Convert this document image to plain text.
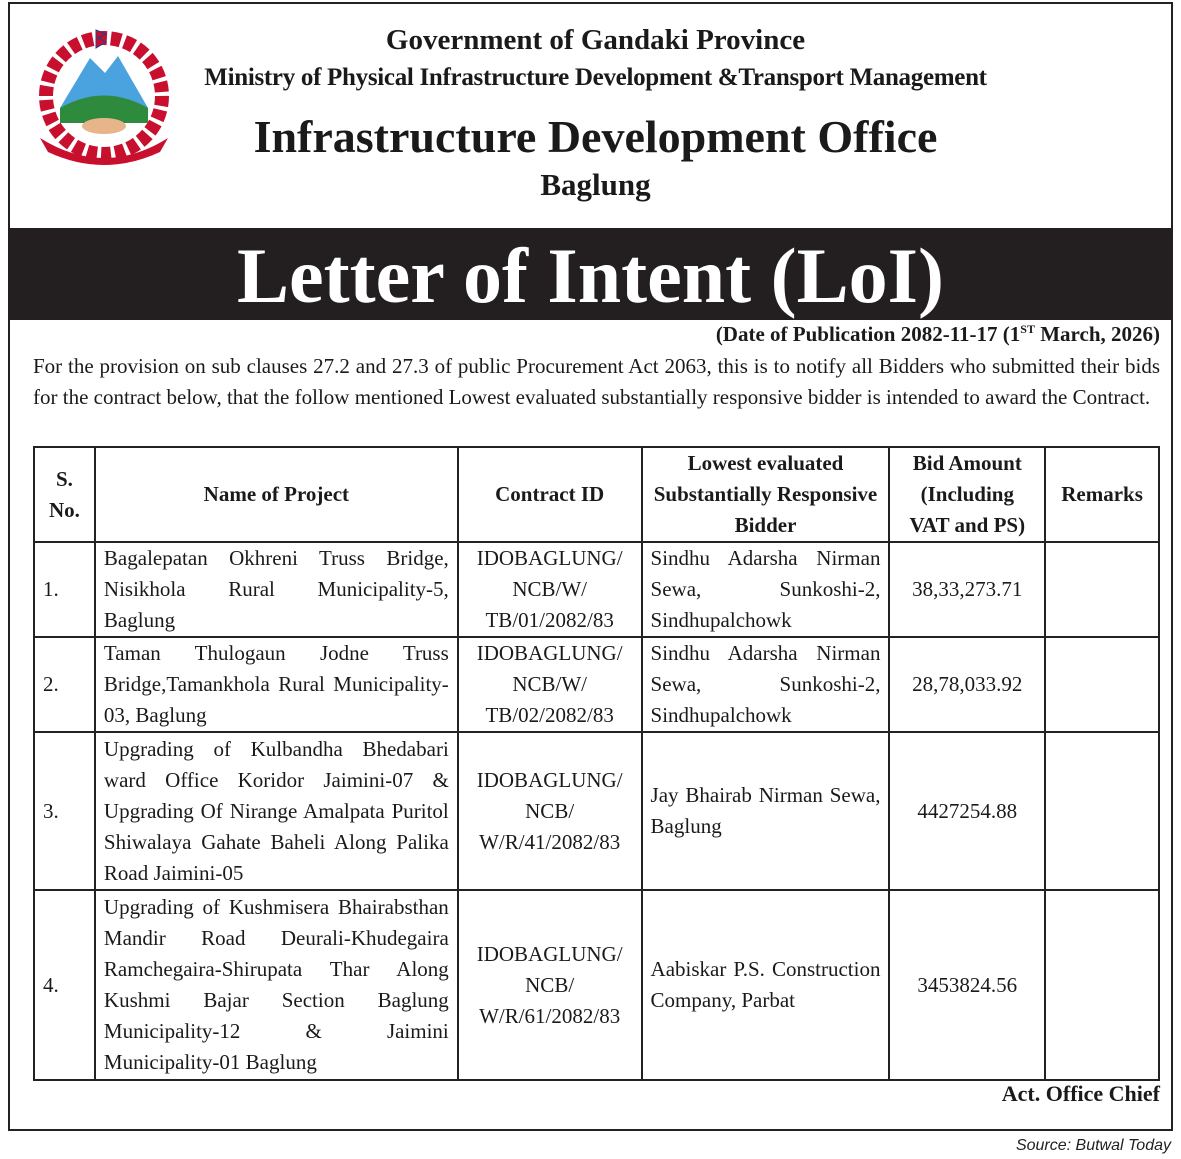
Government of Gandaki Province
Ministry of Physical Infrastructure Development &Transport Management
Infrastructure Development Office
Baglung
Letter of Intent (LoI)
(Date of Publication 2082-11-17 (1ST March, 2026)
For the provision on sub clauses 27.2 and 27.3 of public Procurement Act 2063, this is to notify all Bidders who submitted their bids for the contract below, that the follow mentioned Lowest evaluated substantially responsive bidder is intended to award the Contract.
S. No.	Name of Project	Contract ID	Lowest evaluated Substantially Responsive Bidder	Bid Amount (Including VAT and PS)	Remarks
1.	Bagalepatan Okhreni Truss Bridge, Nisikhola Rural Municipality-5, Baglung	IDOBAGLUNG/ NCB/W/ TB/01/2082/83	Sindhu Adarsha Nirman Sewa, Sunkoshi-2, Sindhupalchowk	38,33,273.71	
2.	Taman Thulogaun Jodne Truss Bridge,Tamankhola Rural Municipality-03, Baglung	IDOBAGLUNG/ NCB/W/ TB/02/2082/83	Sindhu Adarsha Nirman Sewa, Sunkoshi-2, Sindhupalchowk	28,78,033.92	
3.	Upgrading of Kulbandha Bhedabari ward Office Koridor Jaimini-07 & Upgrading Of Nirange Amalpata Puritol Shiwalaya Gahate Baheli Along Palika Road Jaimini-05	IDOBAGLUNG/ NCB/ W/R/41/2082/83	Jay Bhairab Nirman Sewa, Baglung	4427254.88	
4.	Upgrading of Kushmisera Bhairabsthan Mandir Road Deurali-Khudegaira Ramchegaira-Shirupata Thar Along Kushmi Bajar Section Baglung Municipality-12 & Jaimini Municipality-01 Baglung	IDOBAGLUNG/ NCB/ W/R/61/2082/83	Aabiskar P.S. Construction Company, Parbat	3453824.56	
Act. Office Chief
Source: Butwal Today
